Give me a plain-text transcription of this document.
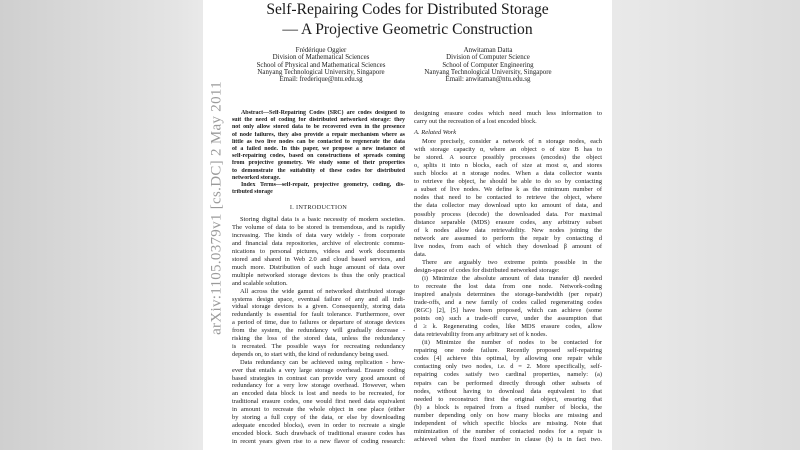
Self-Repairing Codes for Distributed Storage
— A Projective Geometric Construction
Frédérique Oggier
Division of Mathematical Sciences
School of Physical and Mathematical Sciences
Nanyang Technological University, Singapore
Email: frederique@ntu.edu.sg
Anwitaman Datta
Division of Computer Science
School of Computer Engineering
Nanyang Technological University, Singapore
Email: anwitaman@ntu.edu.sg
arXiv:1105.0379v1 [cs.DC] 2 May 2011	Abstract—Self-Repairing Codes (SRC) are codes designed to
suit the need of coding for distributed networked storage: they
not only allow stored data to be recovered even in the presence
of node failures, they also provide a repair mechanism where as
little as two live nodes can be contacted to regenerate the data
of a failed node. In this paper, we propose a new instance of
self-repairing codes, based on constructions of spreads coming
from projective geometry. We study some of their properties
to demonstrate the suitability of these codes for distributed
networked storage.
Index Terms—self-repair, projective geometry, coding, dis-
tributed storage
I. INTRODUCTION
Storing digital data is a basic necessity of modern societies.
The volume of data to be stored is tremendous, and is rapidly
increasing. The kinds of data vary widely - from corporate
and financial data repositories, archive of electronic commu-
nications to personal pictures, videos and work documents
stored and shared in Web 2.0 and cloud based services, and
much more. Distribution of such huge amount of data over
multiple networked storage devices is thus the only practical
and scalable solution.
All across the wide gamut of networked distributed storage
systems design space, eventual failure of any and all indi-
vidual storage devices is a given. Consequently, storing data
redundantly is essential for fault tolerance. Furthermore, over
a period of time, due to failures or departure of storage devices
from the system, the redundancy will gradually decrease -
risking the loss of the stored data, unless the redundancy
is recreated. The possible ways for recreating redundancy
depends on, to start with, the kind of redundancy being used.
Data redundancy can be achieved using replication - how-
ever that entails a very large storage overhead. Erasure coding
based strategies in contrast can provide very good amount of
redundancy for a very low storage overhead. However, when
an encoded data block is lost and needs to be recreated, for
traditional erasure codes, one would first need data equivalent
in amount to recreate the whole object in one place (either
by storing a full copy of the data, or else by downloading
adequate encoded blocks), even in order to recreate a single
encoded block. Such drawback of traditional erasure codes has
in recent years given rise to a new flavor of coding research:
designing erasure codes which need much less information to
carry out the recreation of a lost encoded block.
A. Related Work
More precisely, consider a network of n storage nodes, each
with storage capacity α, where an object o of size B has to
be stored. A source possibly processes (encodes) the object
o, splits it into n blocks, each of size at most α, and stores
such blocks at n storage nodes. When a data collector wants
to retrieve the object, he should be able to do so by contacting
a subset of live nodes. We define k as the minimum number of
nodes that need to be contacted to retrieve the object, where
the data collector may download upto kα amount of data, and
possibly process (decode) the downloaded data. For maximal
distance separable (MDS) erasure codes, any arbitrary subset
of k nodes allow data retrievability. New nodes joining the
network are assumed to perform the repair by contacting d
live nodes, from each of which they download β amount of
data.
There are arguably two extreme points possible in the
design-space of codes for distributed networked storage:
(i) Minimize the absolute amount of data transfer dβ needed
to recreate the lost data from one node. Network-coding
inspired analysis determines the storage-bandwidth (per repair)
trade-offs, and a new family of codes called regenerating codes
(RGC) [2], [5] have been proposed, which can achieve (some
points on) such a trade-off curve, under the assumption that
d ≥ k. Regenerating codes, like MDS erasure codes, allow
data retrievability from any arbitrary set of k nodes.
(ii) Minimize the number of nodes to be contacted for
repairing one node failure. Recently proposed self-repairing
codes [4] achieve this optimal, by allowing one repair while
contacting only two nodes, i.e. d = 2. More specifically, self-
repairing codes satisfy two cardinal properties, namely: (a)
repairs can be performed directly through other subsets of
nodes, without having to download data equivalent to that
needed to reconstruct first the original object, ensuring that
(b) a block is repaired from a fixed number of blocks, the
number depending only on how many blocks are missing and
independent of which specific blocks are missing. Note that
minimization of the number of contacted nodes for a repair is
achieved when the fixed number in clause (b) is in fact two.
